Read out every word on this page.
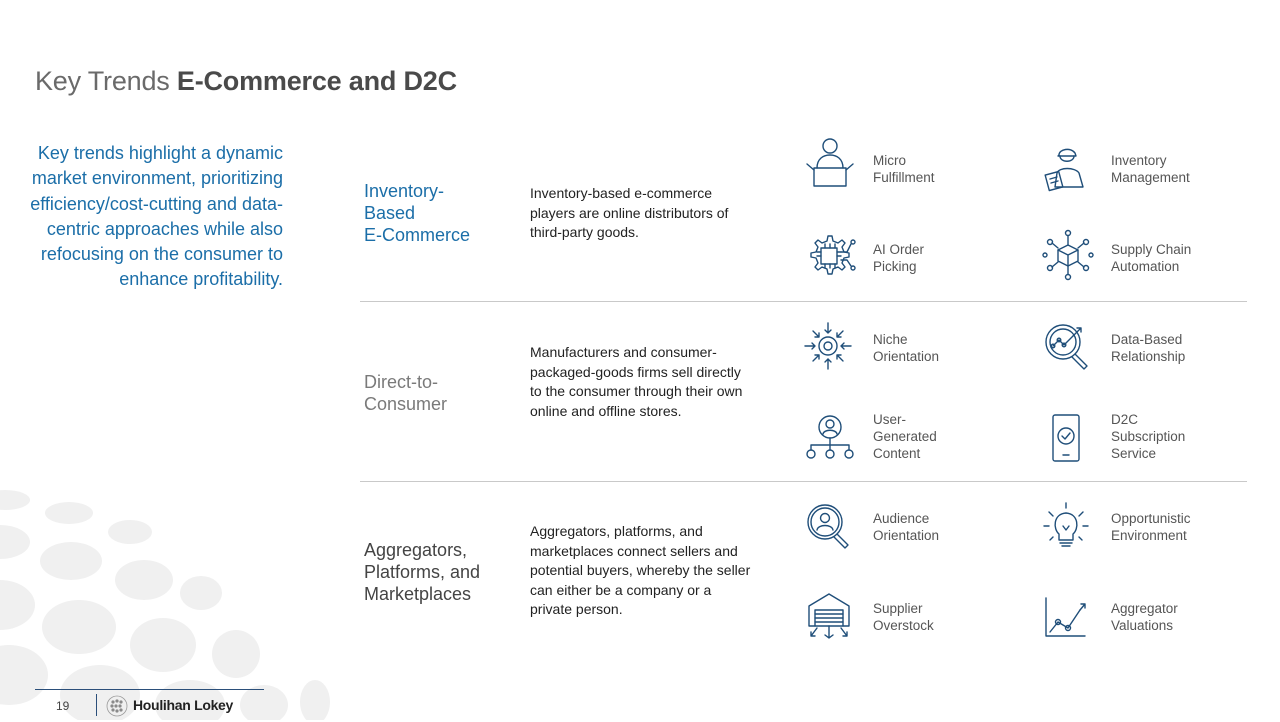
Key Trends E-Commerce and D2C
Key trends highlight a dynamic market environment, prioritizing efficiency/cost-cutting and data-centric approaches while also refocusing on the consumer to enhance profitability.
Inventory-
Based
E-Commerce
Inventory-based e-commerce players are online distributors of third-party goods.
Micro
Fulfillment
Inventory
Management
AI Order
Picking
Supply Chain
Automation
Direct-to-
Consumer
Manufacturers and consumer-packaged-goods firms sell directly to the consumer through their own online and offline stores.
Niche
Orientation
Data-Based
Relationship
User-
Generated
Content
D2C
Subscription
Service
Aggregators,
Platforms, and
Marketplaces
Aggregators, platforms, and marketplaces connect sellers and potential buyers, whereby the seller can either be a company or a private person.
Audience
Orientation
Opportunistic
Environment
Supplier
Overstock
Aggregator
Valuations
19	Houlihan Lokey
